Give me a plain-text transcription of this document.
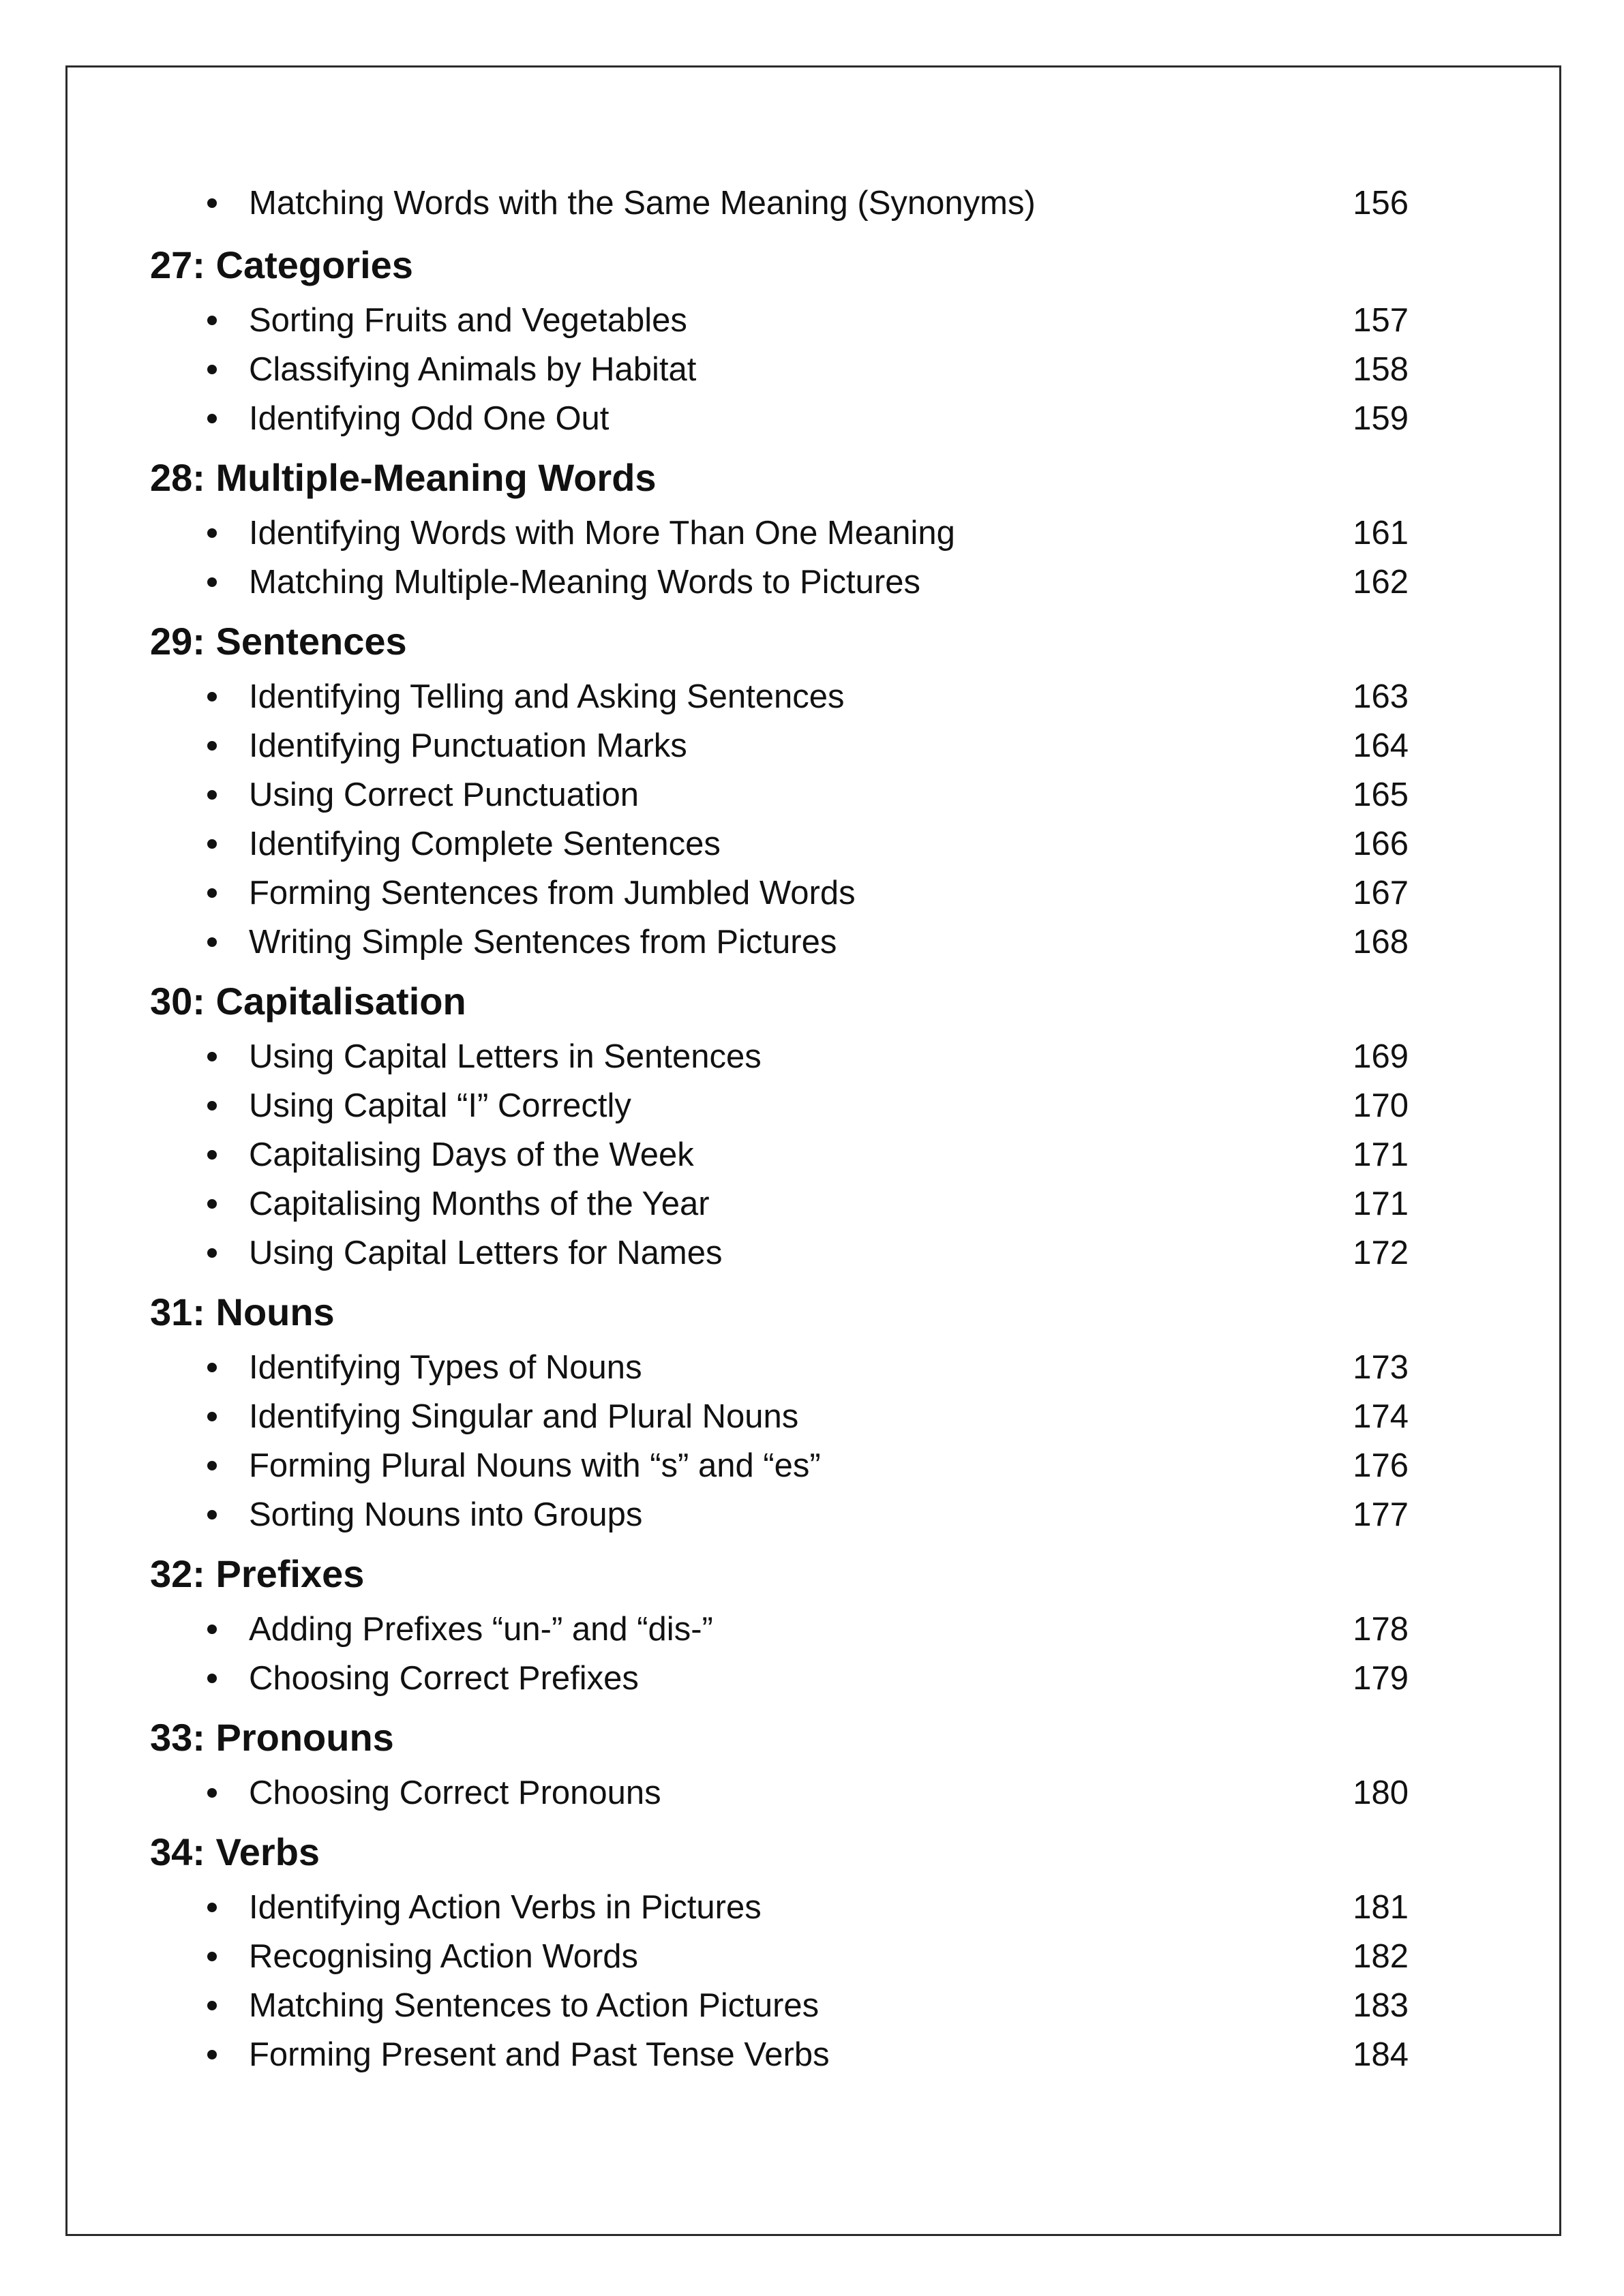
Matching Words with the Same Meaning (Synonyms)	156
27: Categories
Sorting Fruits and Vegetables	157
Classifying Animals by Habitat	158
Identifying Odd One Out	159
28: Multiple-Meaning Words
Identifying Words with More Than One Meaning	161
Matching Multiple-Meaning Words to Pictures	162
29: Sentences
Identifying Telling and Asking Sentences	163
Identifying Punctuation Marks	164
Using Correct Punctuation	165
Identifying Complete Sentences	166
Forming Sentences from Jumbled Words	167
Writing Simple Sentences from Pictures	168
30: Capitalisation
Using Capital Letters in Sentences	169
Using Capital “I” Correctly	170
Capitalising Days of the Week	171
Capitalising Months of the Year	171
Using Capital Letters for Names	172
31: Nouns
Identifying Types of Nouns	173
Identifying Singular and Plural Nouns	174
Forming Plural Nouns with “s” and “es”	176
Sorting Nouns into Groups	177
32: Prefixes
Adding Prefixes “un-” and “dis-”	178
Choosing Correct Prefixes	179
33: Pronouns
Choosing Correct Pronouns	180
34: Verbs
Identifying Action Verbs in Pictures	181
Recognising Action Words	182
Matching Sentences to Action Pictures	183
Forming Present and Past Tense Verbs	184
